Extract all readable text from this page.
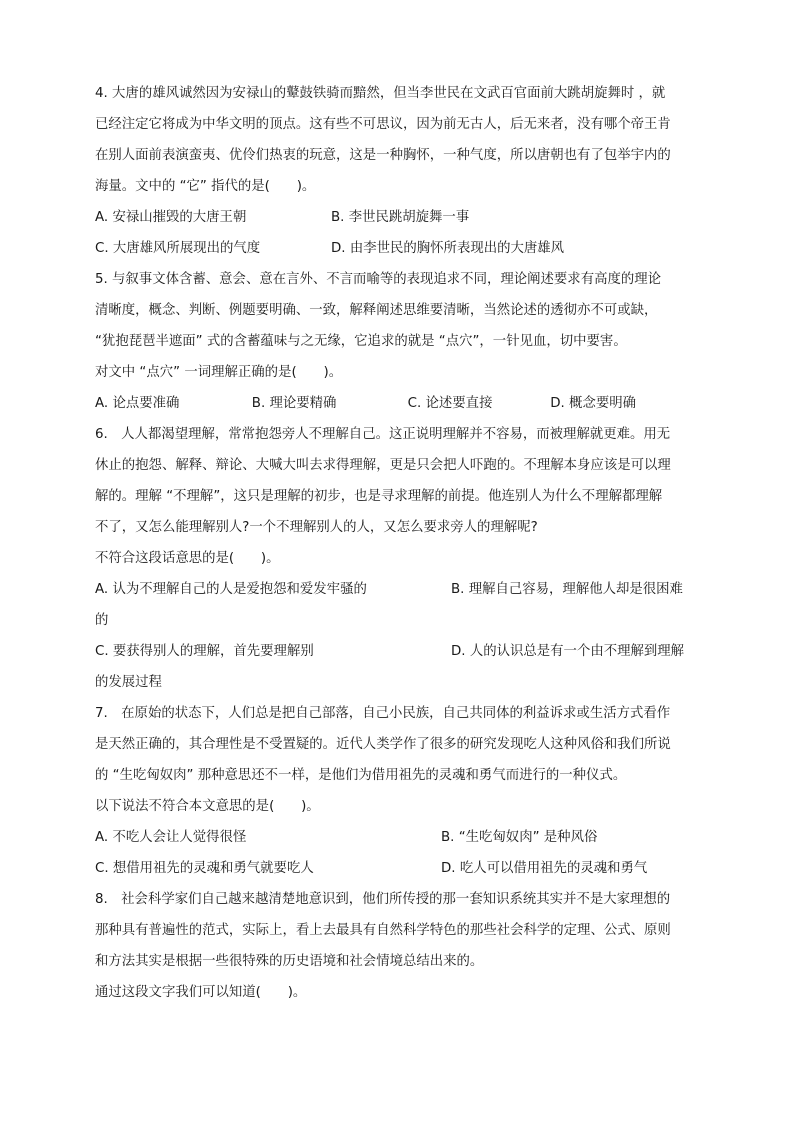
4. 大唐的雄风诚然因为安禄山的鼙鼓铁骑而黯然，但当李世民在文武百官面前大跳胡旋舞时 ，就
已经注定它将成为中华文明的顶点。这有些不可思议，因为前无古人，后无来者，没有哪个帝王肯
在别人面前表演蛮夷、优伶们热衷的玩意，这是一种胸怀，一种气度，所以唐朝也有了包举宇内的
海量。文中的 “它” 指代的是(　　)。
A. 安禄山摧毁的大唐王朝	B. 李世民跳胡旋舞一事
C. 大唐雄风所展现出的气度	D. 由李世民的胸怀所表现出的大唐雄风
5. 与叙事文体含蓄、意会、意在言外、不言而喻等的表现追求不同，理论阐述要求有高度的理论
清晰度，概念、判断、例题要明确、一致，解释阐述思维要清晰，当然论述的透彻亦不可或缺，
“犹抱琵琶半遮面” 式的含蓄蕴味与之无缘，它追求的就是 “点穴”，一针见血，切中要害。
对文中 “点穴” 一词理解正确的是(　　)。
A. 论点要准确	B. 理论要精确	C. 论述要直接	D. 概念要明确
6.　人人都渴望理解，常常抱怨旁人不理解自己。这正说明理解并不容易，而被理解就更难。用无
休止的抱怨、解释、辩论、大喊大叫去求得理解，更是只会把人吓跑的。不理解本身应该是可以理
解的。理解 “不理解”，这只是理解的初步，也是寻求理解的前提。他连别人为什么不理解都理解
不了，又怎么能理解别人?一个不理解别人的人，又怎么要求旁人的理解呢?
不符合这段话意思的是(　　)。
A. 认为不理解自己的人是爱抱怨和爱发牢骚的	B. 理解自己容易，理解他人却是很困难
的
C. 要获得别人的理解，首先要理解别	D. 人的认识总是有一个由不理解到理解
的发展过程
7.　在原始的状态下，人们总是把自己部落，自己小民族，自己共同体的利益诉求或生活方式看作
是天然正确的，其合理性是不受置疑的。近代人类学作了很多的研究发现吃人这种风俗和我们所说
的 “生吃匈奴肉” 那种意思还不一样，是他们为借用祖先的灵魂和勇气而进行的一种仪式。
以下说法不符合本文意思的是(　　)。
A. 不吃人会让人觉得很怪	B. “生吃匈奴肉” 是种风俗
C. 想借用祖先的灵魂和勇气就要吃人	D. 吃人可以借用祖先的灵魂和勇气
8.　社会科学家们自己越来越清楚地意识到，他们所传授的那一套知识系统其实并不是大家理想的
那种具有普遍性的范式，实际上，看上去最具有自然科学特色的那些社会科学的定理、公式、原则
和方法其实是根据一些很特殊的历史语境和社会情境总结出来的。
通过这段文字我们可以知道(　　)。
